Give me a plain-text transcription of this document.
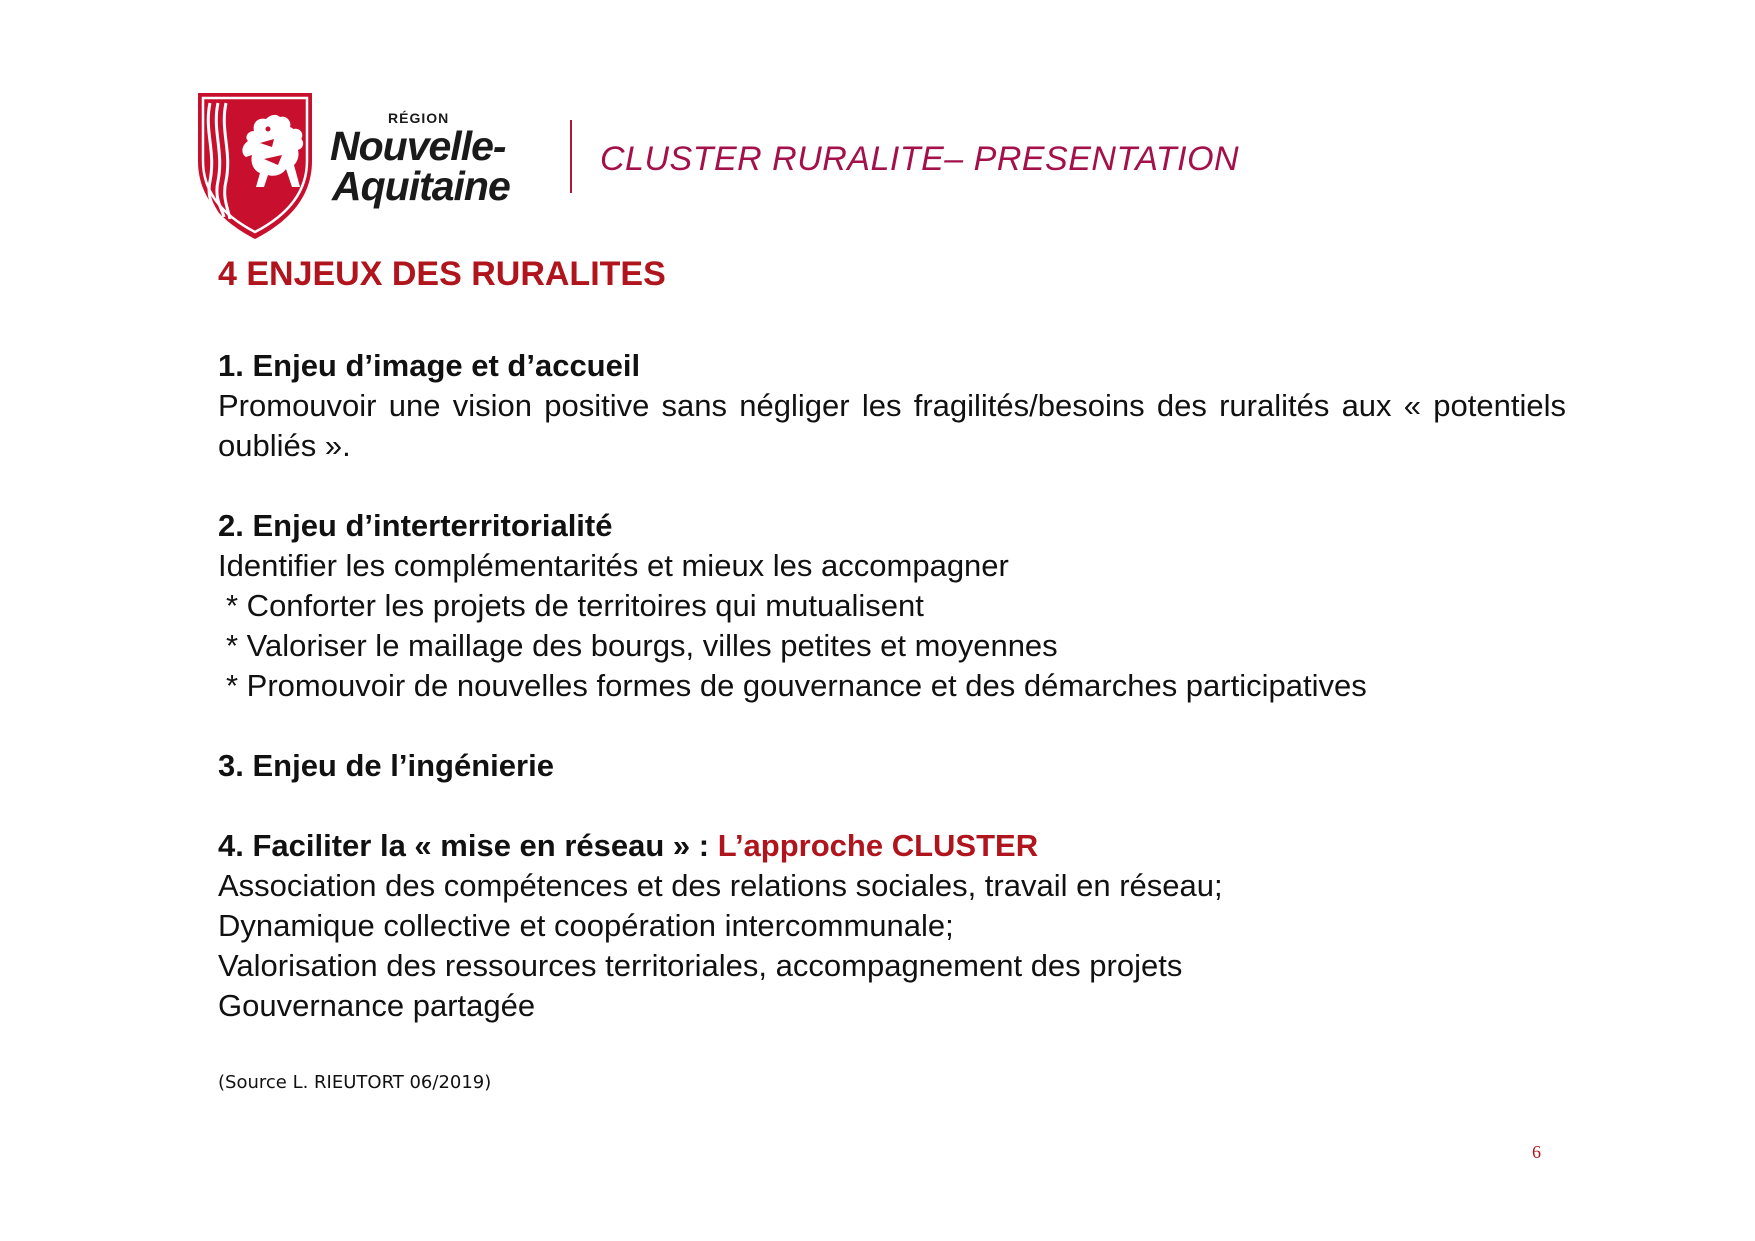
RÉGION
Nouvelle-
Aquitaine
CLUSTER RURALITE– PRESENTATION
4 ENJEUX DES RURALITES

1. Enjeu d’image et d’accueil

Promouvoir une vision positive sans négliger les fragilités/besoins des ruralités aux « potentiels oubliés ».

2. Enjeu d’interterritorialité

Identifier les complémentarités et mieux les accompagner

* Conforter les projets de territoires qui mutualisent

* Valoriser le maillage des bourgs, villes petites et moyennes

* Promouvoir de nouvelles formes de gouvernance et des démarches participatives

3. Enjeu de l’ingénierie

4. Faciliter la « mise en réseau » : L’approche CLUSTER

Association des compétences et des relations sociales, travail en réseau;

Dynamique collective et coopération intercommunale;

Valorisation des ressources territoriales, accompagnement des projets

Gouvernance partagée

(Source L. RIEUTORT 06/2019)
6
